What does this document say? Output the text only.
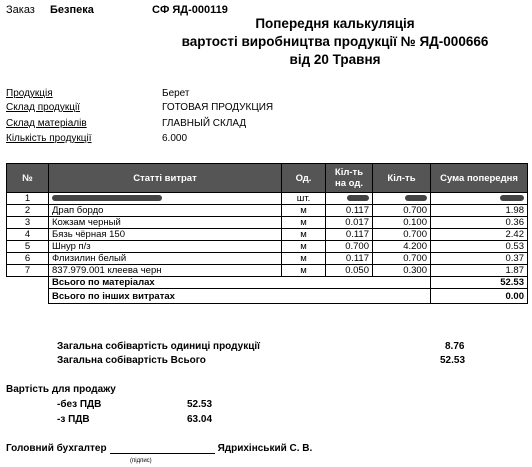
Заказ Безпека	СФ ЯД-000119
Попередня калькуляція
вартості виробництва продукції № ЯД-000666
від 20 Травня
Продукція	Берет
Склад продукції	ГОТОВАЯ ПРОДУКЦИЯ
Склад матеріалів	ГЛАВНЫЙ СКЛАД
Кількість продукції	6.000
№	Статті витрат	Од.	Кіл-ть на од.	Кіл-ть	Сума попередня
1		шт.			
2	Драп бордо	м	0.117	0.700	1.98
3	Кожзам черный	м	0.017	0.100	0.36
4	Бязь чёрная 150	м	0.117	0.700	2.42
5	Шнур п/з	м	0.700	4.200	0.53
6	Флизилин белый	м	0.117	0.700	0.37
7	837.979.001 клеева черн	м	0.050	0.300	1.87
	Всього по матеріалах				52.53
	Всього по інших витратах				0.00
Загальна собівартість одиниці продукції	8.76
Загальна собівартість Всього	52.53
Вартість для продажу
-без ПДВ	52.53
-з ПДВ	63.04
Головний бухгалтер	Ядрихінський С. В.
(підпис)
